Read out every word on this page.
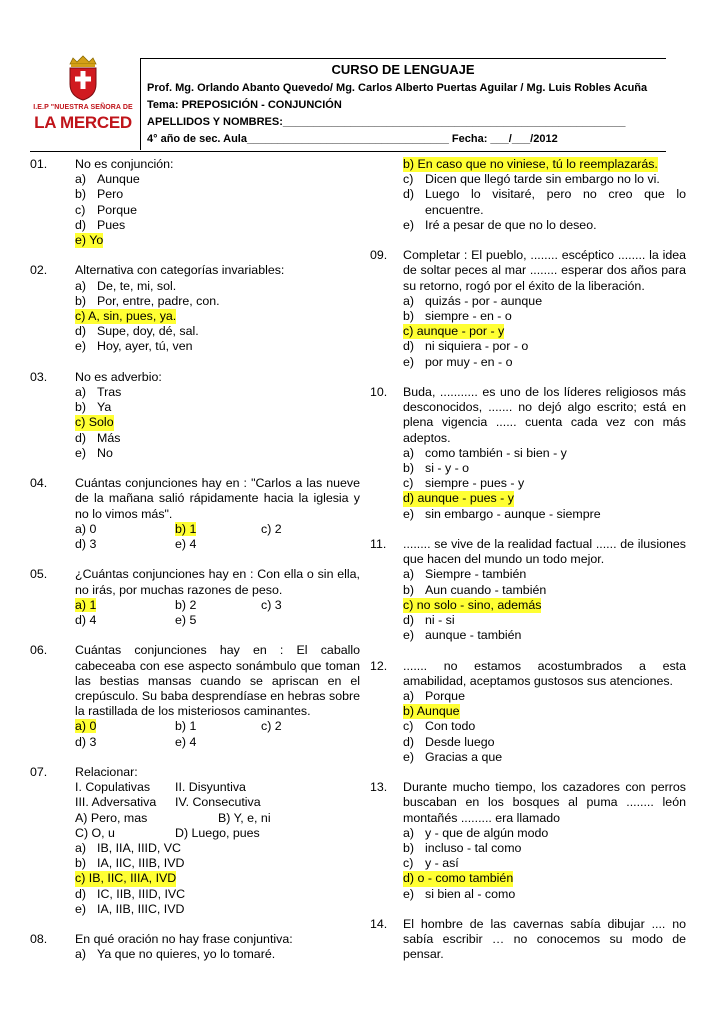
I.E.P "NUESTRA SEÑORA DE
LA MERCED
CURSO DE LENGUAJE
Prof. Mg. Orlando Abanto Quevedo/ Mg. Carlos Alberto Puertas Aguilar / Mg. Luis Robles Acuña
Tema: PREPOSICIÓN - CONJUNCIÓN
APELLIDOS Y NOMBRES:________________________________________________________
4° año de sec. Aula_________________________________ Fecha: ___/___/2012
01.	No es conjunción:
a) Aunque
b) Pero
c) Porque
d) Pues
e) Yo
02.	Alternativa con categorías invariables:
a) De, te, mi, sol.
b) Por, entre, padre, con.
c) A, sin, pues, ya.
d) Supe, doy, dé, sal.
e) Hoy, ayer, tú, ven
03.	No es adverbio:
a) Tras
b) Ya
c) Solo
d) Más
e) No
04.	Cuántas conjunciones hay en : "Carlos a las nueve de la mañana salió rápidamente hacia la iglesia y no lo vimos más".
a) 0	b) 1	c) 2
d) 3	e) 4
05.	¿Cuántas conjunciones hay en : Con ella o sin ella, no irás, por muchas razones de peso.
a) 1	b) 2	c) 3
d) 4	e) 5
06.	Cuántas conjunciones hay en : El caballo cabeceaba con ese aspecto sonámbulo que toman las bestias mansas cuando se apriscan en el crepúsculo. Su baba desprendíase en hebras sobre la rastillada de los misteriosos caminantes.
a) 0	b) 1	c) 2
d) 3	e) 4
07.	Relacionar:
I. Copulativas	II. Disyuntiva
III. Adversativa	IV. Consecutiva
A) Pero, mas	B) Y, e, ni
C) O, u	D) Luego, pues
a) IB, IIA, IIID, VC
b) IA, IIC, IIIB, IVD
c) IB, IIC, IIIA, IVD
d) IC, IIB, IIID, IVC
e) IA, IIB, IIIC, IVD
08.	En qué oración no hay frase conjuntiva:
a) Ya que no quieres, yo lo tomaré.
b) En caso que no viniese, tú lo reemplazarás.
c) Dicen que llegó tarde sin embargo no lo vi.
d) Luego lo visitaré, pero no creo que lo encuentre.
e) Iré a pesar de que no lo deseo.
09.	Completar : El pueblo, ........ escéptico ........ la idea de soltar peces al mar ........ esperar dos años para su retorno, rogó por el éxito de la liberación.
a) quizás - por - aunque
b) siempre - en - o
c) aunque - por - y
d) ni siquiera - por - o
e) por muy - en - o
10.	Buda, ........... es uno de los líderes religiosos más desconocidos, ....... no dejó algo escrito; está en plena vigencia ...... cuenta cada vez con más adeptos.
a) como también - si bien - y
b) si - y - o
c) siempre - pues - y
d) aunque - pues - y
e) sin embargo - aunque - siempre
11.	........ se vive de la realidad factual ...... de ilusiones que hacen del mundo un todo mejor.
a) Siempre - también
b) Aun cuando - también
c) no solo - sino, además
d) ni - si
e) aunque - también
12.	....... no estamos acostumbrados a esta amabilidad, aceptamos gustosos sus atenciones.
a) Porque
b) Aunque
c) Con todo
d) Desde luego
e) Gracias a que
13.	Durante mucho tiempo, los cazadores con perros buscaban en los bosques al puma ........ león montañés ......... era llamado
a) y - que de algún modo
b) incluso - tal como
c) y - así
d) o - como también
e) si bien al - como
14.	El hombre de las cavernas sabía dibujar .... no sabía escribir … no conocemos su modo de pensar.
